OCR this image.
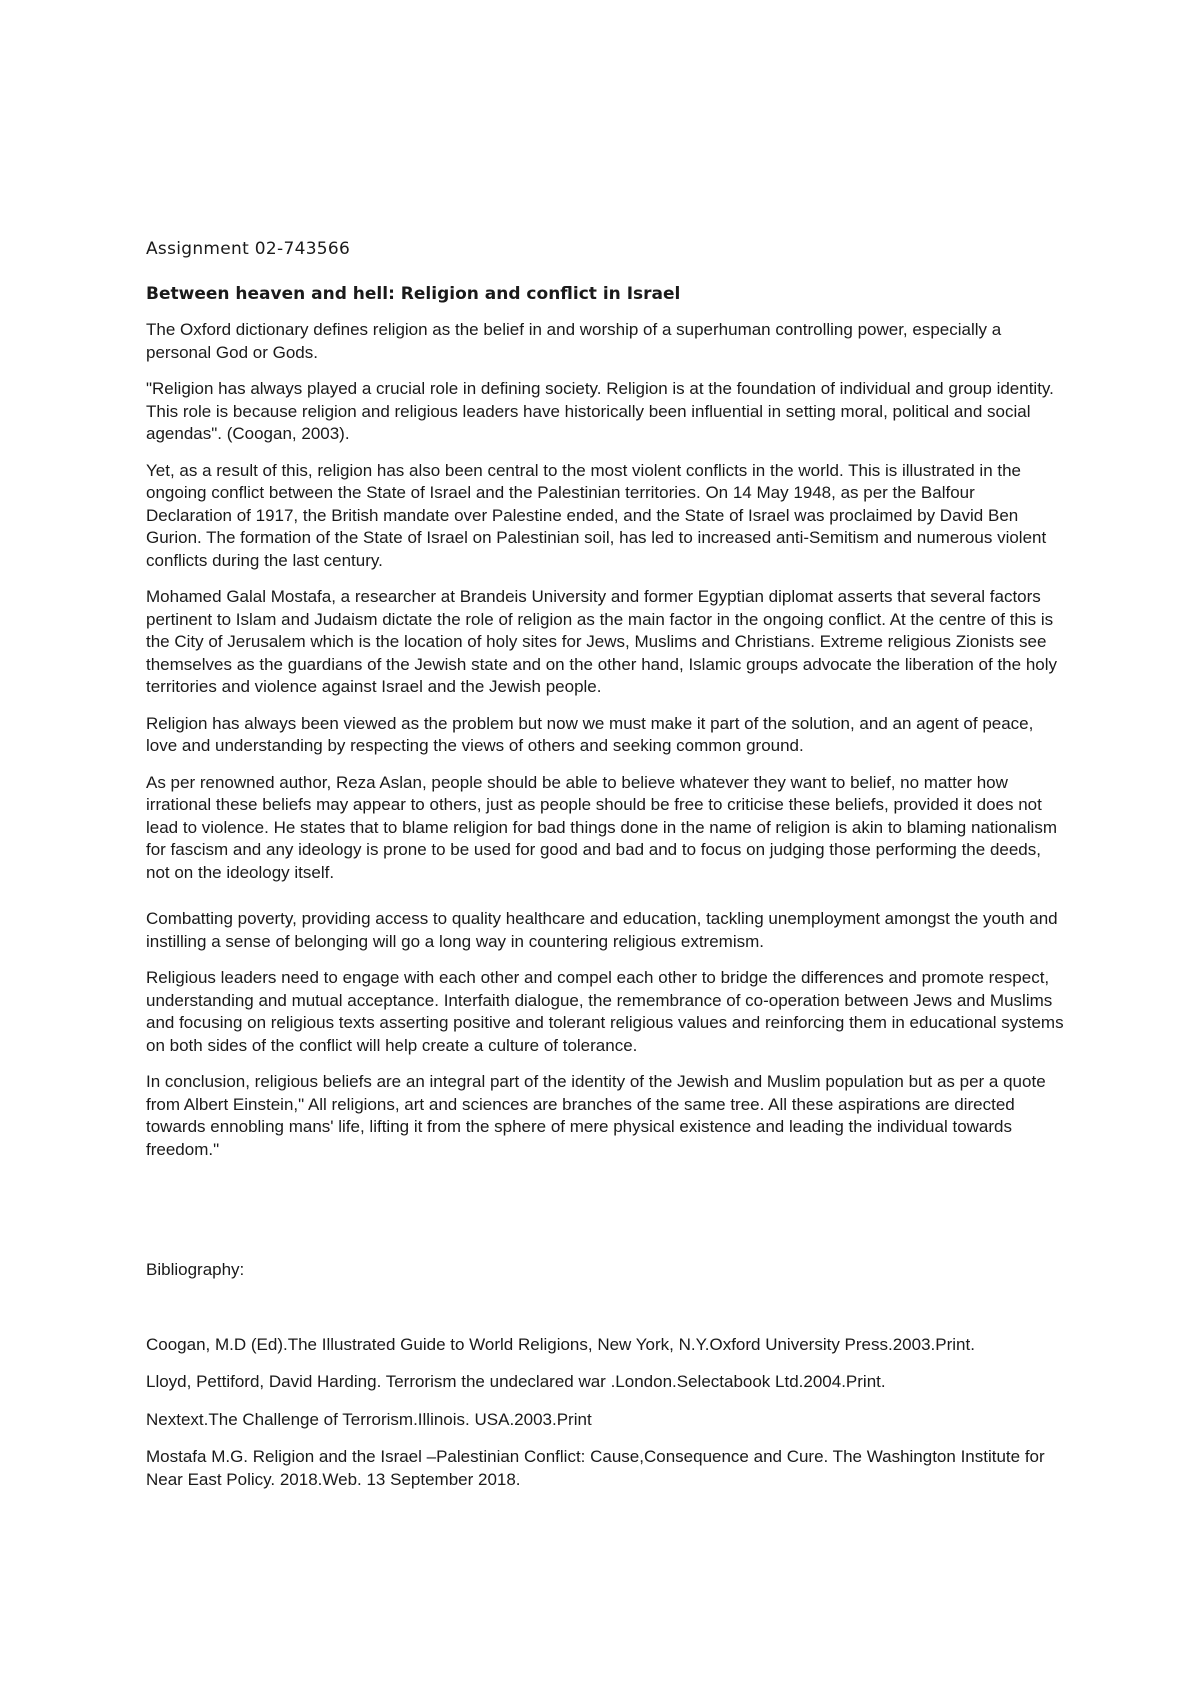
Assignment 02-743566
Between heaven and hell: Religion and conflict in Israel

The Oxford dictionary defines religion as the belief in and worship of a superhuman controlling power, especially a personal God or Gods.

"Religion has always played a crucial role in defining society. Religion is at the foundation of individual and group identity. This role is because religion and religious leaders have historically been influential in setting moral, political and social agendas". (Coogan, 2003).

Yet, as a result of this, religion has also been central to the most violent conflicts in the world. This is illustrated in the ongoing conflict between the State of Israel and the Palestinian territories. On 14 May 1948, as per the Balfour Declaration of 1917, the British mandate over Palestine ended, and the State of Israel was proclaimed by David Ben Gurion. The formation of the State of Israel on Palestinian soil, has led to increased anti-Semitism and numerous violent conflicts during the last century.

Mohamed Galal Mostafa, a researcher at Brandeis University and former Egyptian diplomat asserts that several factors pertinent to Islam and Judaism dictate the role of religion as the main factor in the ongoing conflict. At the centre of this is the City of Jerusalem which is the location of holy sites for Jews, Muslims and Christians. Extreme religious Zionists see themselves as the guardians of the Jewish state and on the other hand, Islamic groups advocate the liberation of the holy territories and violence against Israel and the Jewish people.

Religion has always been viewed as the problem but now we must make it part of the solution, and an agent of peace, love and understanding by respecting the views of others and seeking common ground.

As per renowned author, Reza Aslan, people should be able to believe whatever they want to belief, no matter how irrational these beliefs may appear to others, just as people should be free to criticise these beliefs, provided it does not lead to violence. He states that to blame religion for bad things done in the name of religion is akin to blaming nationalism for fascism and any ideology is prone to be used for good and bad and to focus on judging those performing the deeds, not on the ideology itself.

Combatting poverty, providing access to quality healthcare and education, tackling unemployment amongst the youth and instilling a sense of belonging will go a long way in countering religious extremism.

Religious leaders need to engage with each other and compel each other to bridge the differences and promote respect, understanding and mutual acceptance. Interfaith dialogue, the remembrance of co-operation between Jews and Muslims and focusing on religious texts asserting positive and tolerant religious values and reinforcing them in educational systems on both sides of the conflict will help create a culture of tolerance.

In conclusion, religious beliefs are an integral part of the identity of the Jewish and Muslim population but as per a quote from Albert Einstein," All religions, art and sciences are branches of the same tree. All these aspirations are directed towards ennobling mans' life, lifting it from the sphere of mere physical existence and leading the individual towards freedom."

Bibliography:

Coogan, M.D (Ed).The Illustrated Guide to World Religions, New York, N.Y.Oxford University Press.2003.Print.

Lloyd, Pettiford, David Harding. Terrorism the undeclared war .London.Selectabook Ltd.2004.Print.

Nextext.The Challenge of Terrorism.Illinois. USA.2003.Print

Mostafa M.G. Religion and the Israel –Palestinian Conflict: Cause,Consequence and Cure. The Washington Institute for Near East Policy. 2018.Web. 13 September 2018.
